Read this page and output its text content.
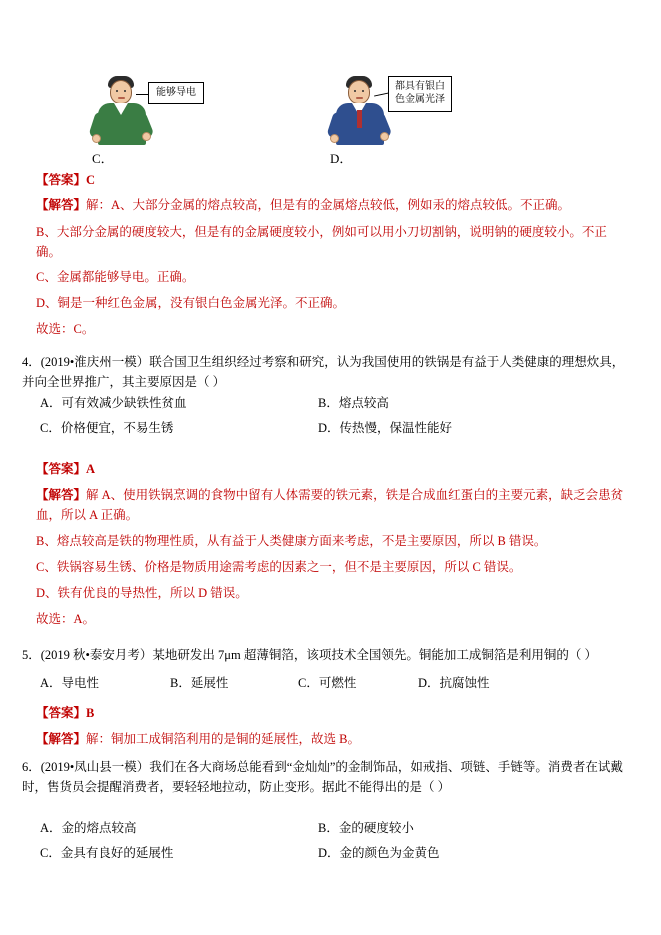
能够导电
都具有银白色金属光泽
C．	D．
【答案】C
【解答】解：A、大部分金属的熔点较高，但是有的金属熔点较低，例如汞的熔点较低。不正确。
B、大部分金属的硬度较大，但是有的金属硬度较小，例如可以用小刀切割钠，说明钠的硬度较小。不正确。
C、金属都能够导电。正确。
D、铜是一种红色金属，没有银白色金属光泽。不正确。
故选：C。
4．(2019•淮庆州一模）联合国卫生组织经过考察和研究，认为我国使用的铁锅是有益于人类健康的理想炊具，并向全世界推广，其主要原因是（ ）
A．可有效减少缺铁性贫血	B．熔点较高
C．价格便宜，不易生锈	D．传热慢，保温性能好
【答案】A
【解答】解 A、使用铁锅烹调的食物中留有人体需要的铁元素，铁是合成血红蛋白的主要元素，缺乏会患贫血，所以 A 正确。
B、熔点较高是铁的物理性质，从有益于人类健康方面来考虑，不是主要原因，所以 B 错误。
C、铁锅容易生锈、价格是物质用途需考虑的因素之一，但不是主要原因，所以 C 错误。
D、铁有优良的导热性，所以 D 错误。
故选：A。
5．(2019 秋•泰安月考）某地研发出 7μm 超薄铜箔，该项技术全国领先。铜能加工成铜箔是利用铜的（ ）
A．导电性	B．延展性	C．可燃性	D．抗腐蚀性
【答案】B
【解答】解：铜加工成铜箔利用的是铜的延展性，故选 B。
6．(2019•凤山县一模）我们在各大商场总能看到“金灿灿”的金制饰品，如戒指、项链、手链等。消费者在试戴时，售货员会提醒消费者，要轻轻地拉动，防止变形。据此不能得出的是（ ）
A．金的熔点较高	B．金的硬度较小
C．金具有良好的延展性	D．金的颜色为金黄色
